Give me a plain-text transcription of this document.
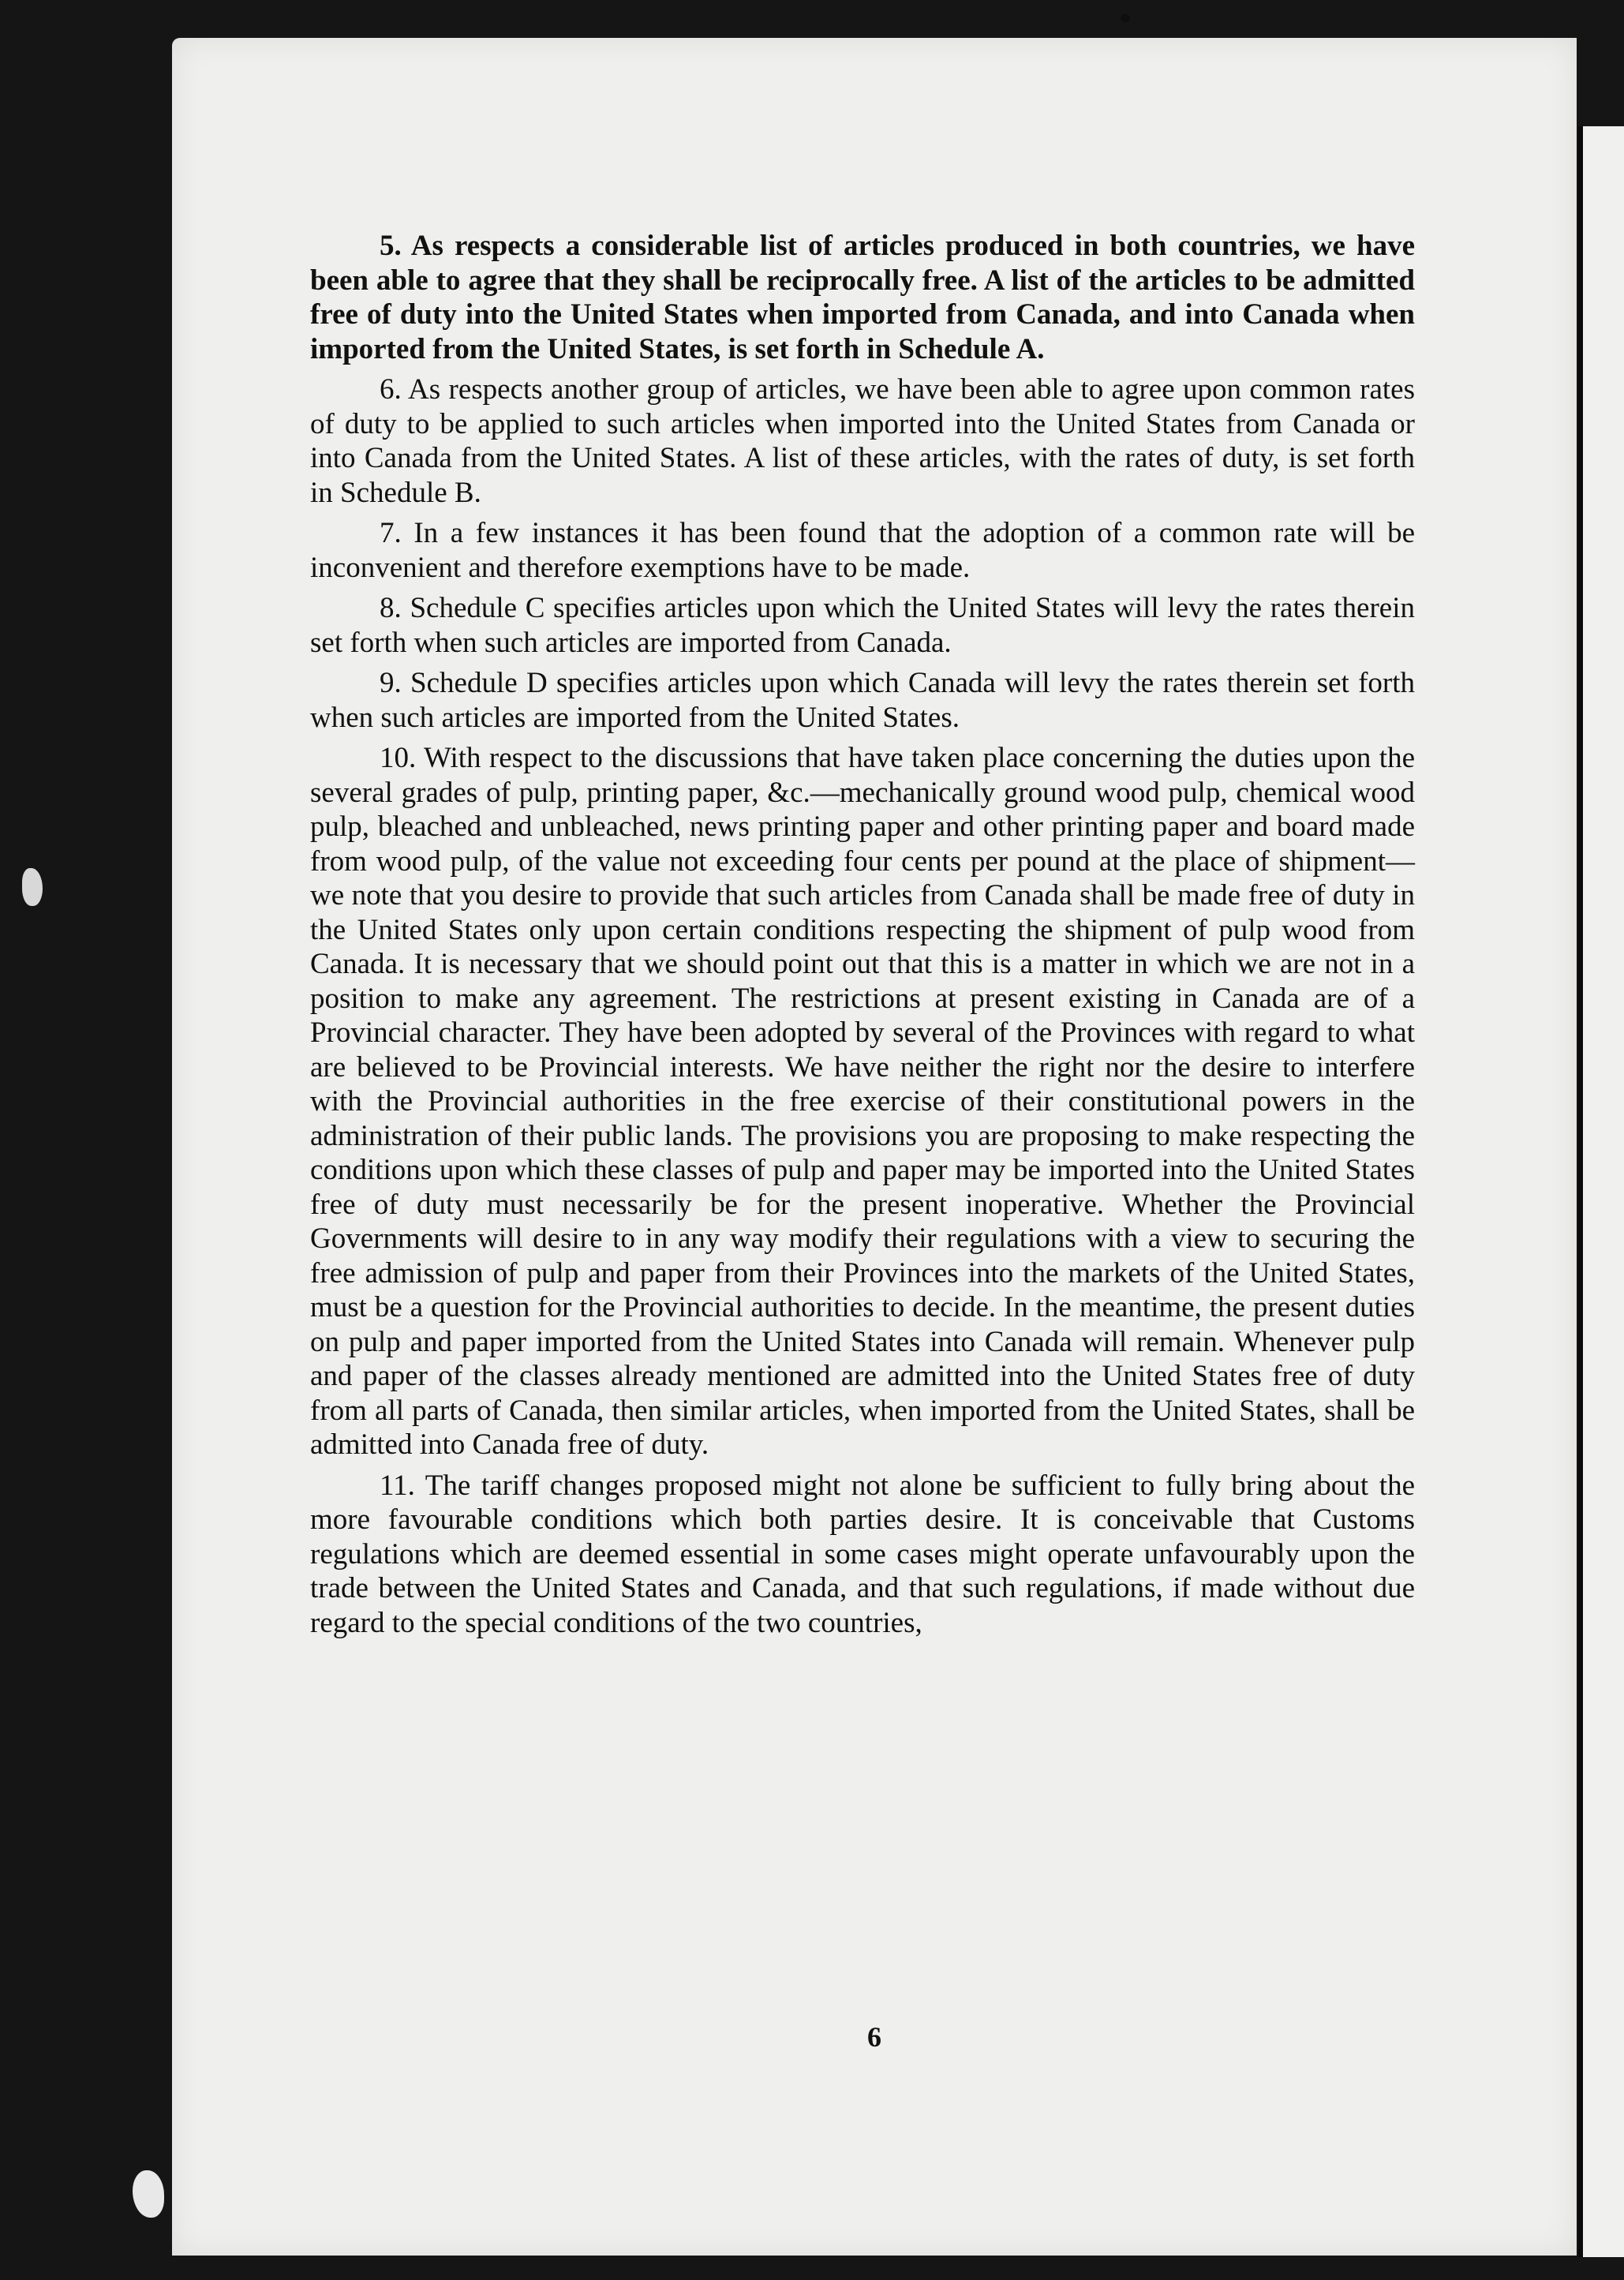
5. As respects a considerable list of articles produced in both countries, we have been able to agree that they shall be reciprocally free. A list of the articles to be admitted free of duty into the United States when imported from Canada, and into Canada when imported from the United States, is set forth in Schedule A.

6. As respects another group of articles, we have been able to agree upon common rates of duty to be applied to such articles when imported into the United States from Canada or into Canada from the United States. A list of these articles, with the rates of duty, is set forth in Schedule B.

7. In a few instances it has been found that the adoption of a common rate will be inconvenient and therefore exemptions have to be made.

8. Schedule C specifies articles upon which the United States will levy the rates therein set forth when such articles are imported from Canada.

9. Schedule D specifies articles upon which Canada will levy the rates therein set forth when such articles are imported from the United States.

10. With respect to the discussions that have taken place concerning the duties upon the several grades of pulp, printing paper, &c.—mechanically ground wood pulp, chemical wood pulp, bleached and unbleached, news printing paper and other printing paper and board made from wood pulp, of the value not exceeding four cents per pound at the place of shipment—we note that you desire to provide that such articles from Canada shall be made free of duty in the United States only upon certain conditions respecting the shipment of pulp wood from Canada. It is necessary that we should point out that this is a matter in which we are not in a position to make any agreement. The restrictions at present existing in Canada are of a Provincial character. They have been adopted by several of the Provinces with regard to what are believed to be Provincial interests. We have neither the right nor the desire to interfere with the Provincial authorities in the free exercise of their constitutional powers in the administration of their public lands. The provisions you are proposing to make respecting the conditions upon which these classes of pulp and paper may be imported into the United States free of duty must necessarily be for the present inoperative. Whether the Provincial Governments will desire to in any way modify their regulations with a view to securing the free admission of pulp and paper from their Provinces into the markets of the United States, must be a question for the Provincial authorities to decide. In the meantime, the present duties on pulp and paper imported from the United States into Canada will remain. Whenever pulp and paper of the classes already mentioned are admitted into the United States free of duty from all parts of Canada, then similar articles, when imported from the United States, shall be admitted into Canada free of duty.

11. The tariff changes proposed might not alone be sufficient to fully bring about the more favourable conditions which both parties desire. It is conceivable that Customs regulations which are deemed essential in some cases might operate unfavourably upon the trade between the United States and Canada, and that such regulations, if made without due regard to the special conditions of the two countries,

6
